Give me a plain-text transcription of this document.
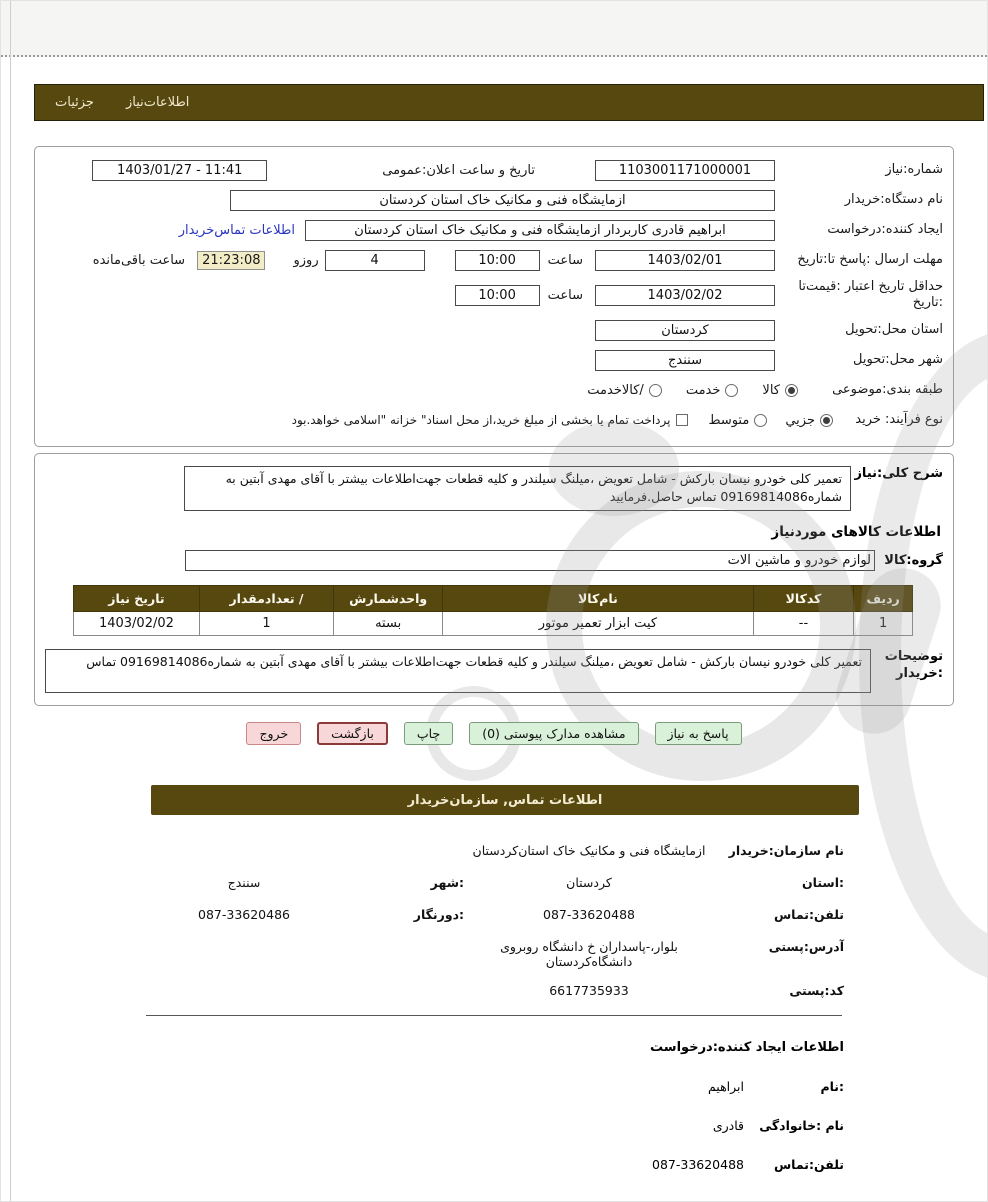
اطلاعات‌نیاز
جزئیات
شماره:نیاز
1103001171000001
تاریخ و ساعت اعلان:عمومی
1403/01/27 - 11:41
نام دستگاه:خریدار
ازمایشگاه فنی و مکانیک خاک استان کردستان
ایجاد کننده:درخواست
ابراهیم قادری کاربردار ازمایشگاه فنی و مکانیک خاک استان کردستان
اطلاعات تماس‌خریدار
مهلت ارسال :پاسخ تا:تاریخ
1403/02/01
ساعت
10:00
4
روزو
21:23:08
ساعت باقی‌مانده
حداقل تاریخ اعتبار :قیمت‌تا :تاریخ
1403/02/02
ساعت
10:00
استان محل:تحویل
کردستان
شهر محل:تحویل
سنندج
طبقه بندی:موضوعی
کالا
خدمت
/کالاخدمت
نوع فرآیند: خرید
جزیي
متوسط
پرداخت تمام یا بخشی از مبلغ خرید،از محل اسناد" خزانه "اسلامی خواهد.بود
شرح کلی:نیاز
تعمیر کلی خودرو نیسان بارکش - شامل تعویض ،میلنگ سیلندر و کلیه قطعات جهت‌اطلاعات بیشتر با آقای مهدی آبتین به شماره09169814086 تماس حاصل.فرمایید
اطلاعات کالاهای موردنیاز
گروه:کالا
لوازم خودرو و ماشین آلات
ردیف	کدکالا	نام‌کالا	واحدشمارش	/ تعدادمقدار	تاریخ نیاز
1	--	کیت ابزار تعمیر موتور	بسته	1	1403/02/02
توضیحات :خریدار
تعمیر کلی خودرو نیسان بارکش - شامل تعویض ،میلنگ سیلندر و کلیه قطعات جهت‌اطلاعات بیشتر با آقای مهدی آبتین به شماره09169814086 تماس
پاسخ به نیاز
مشاهده مدارک پیوستی (0)
چاپ
بازگشت
خروج
اطلاعات تماس, سازمان‌خریدار
نام سازمان:خریدار
ازمایشگاه فنی و مکانیک خاک استان‌کردستان
:استان
کردستان
:شهر
سنندج
تلفن:تماس
087-33620488
:دورنگار
087-33620486
آدرس:پستی
بلوار،-پاسداران خ دانشگاه روبروی دانشگاه‌کردستان
کد:پستی
6617735933
اطلاعات ایجاد کننده:درخواست
:نام
ابراهیم
نام :خانوادگی
قادری
تلفن:تماس
087-33620488
